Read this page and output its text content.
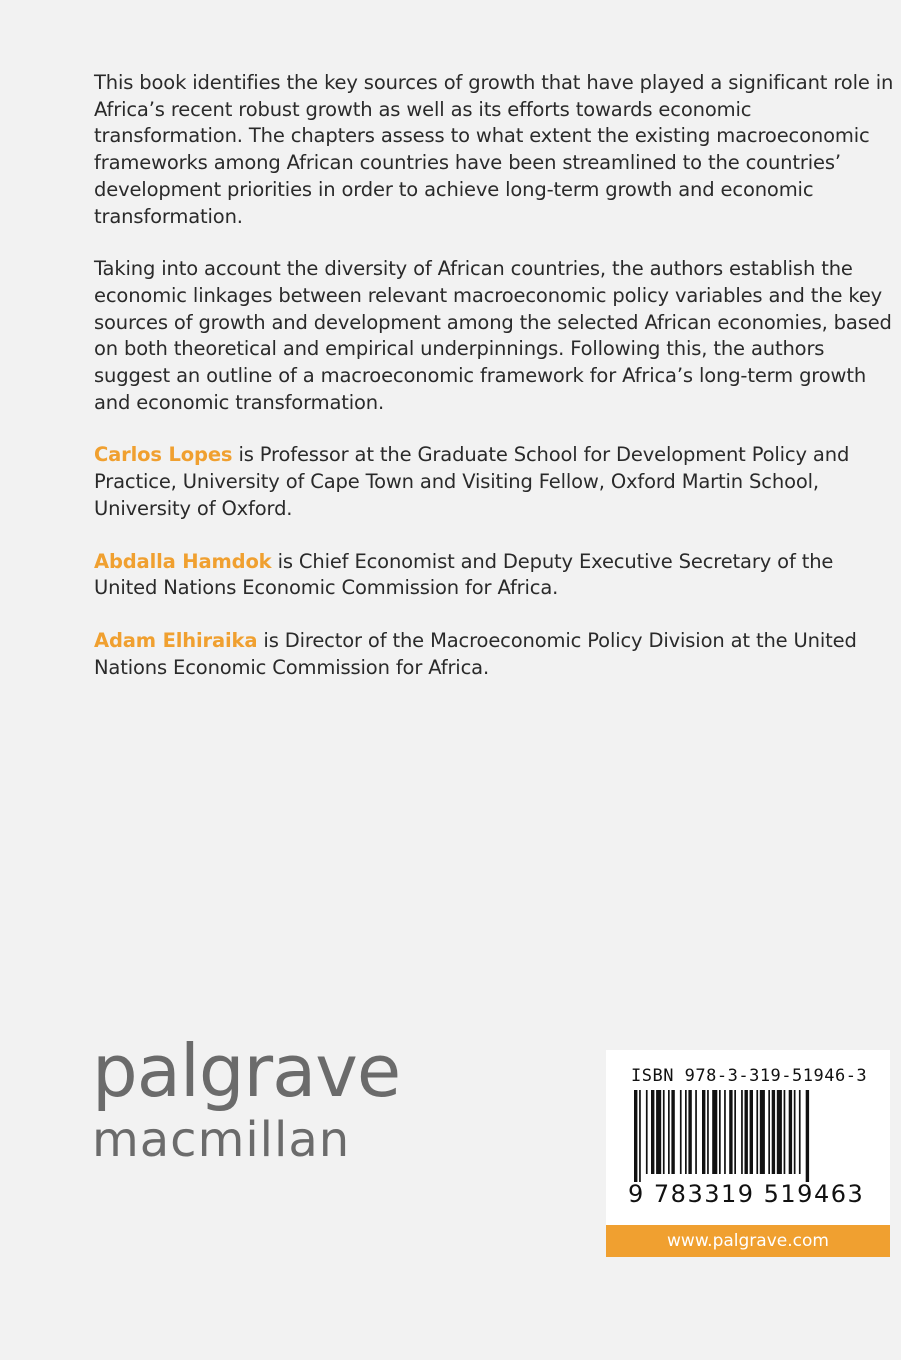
This book identifies the key sources of growth that have played a significant role in Africa’s recent robust growth as well as its efforts towards economic transformation. The chapters assess to what extent the existing macroeconomic frameworks among African countries have been streamlined to the countries’ development priorities in order to achieve long-term growth and economic transformation.

Taking into account the diversity of African countries, the authors establish the economic linkages between relevant macroeconomic policy variables and the key sources of growth and development among the selected African economies, based on both theoretical and empirical underpinnings. Following this, the authors suggest an outline of a macroeconomic framework for Africa’s long-term growth and economic transformation.

Carlos Lopes is Professor at the Graduate School for Development Policy and Practice, University of Cape Town and Visiting Fellow, Oxford Martin School, University of Oxford.

Abdalla Hamdok is Chief Economist and Deputy Executive Secretary of the United Nations Economic Commission for Africa.

Adam Elhiraika is Director of the Macroeconomic Policy Division at the United Nations Economic Commission for Africa.

palgrave
macmillan
ISBN 978-3-319-51946-3
9 783319 519463
www.palgrave.com
